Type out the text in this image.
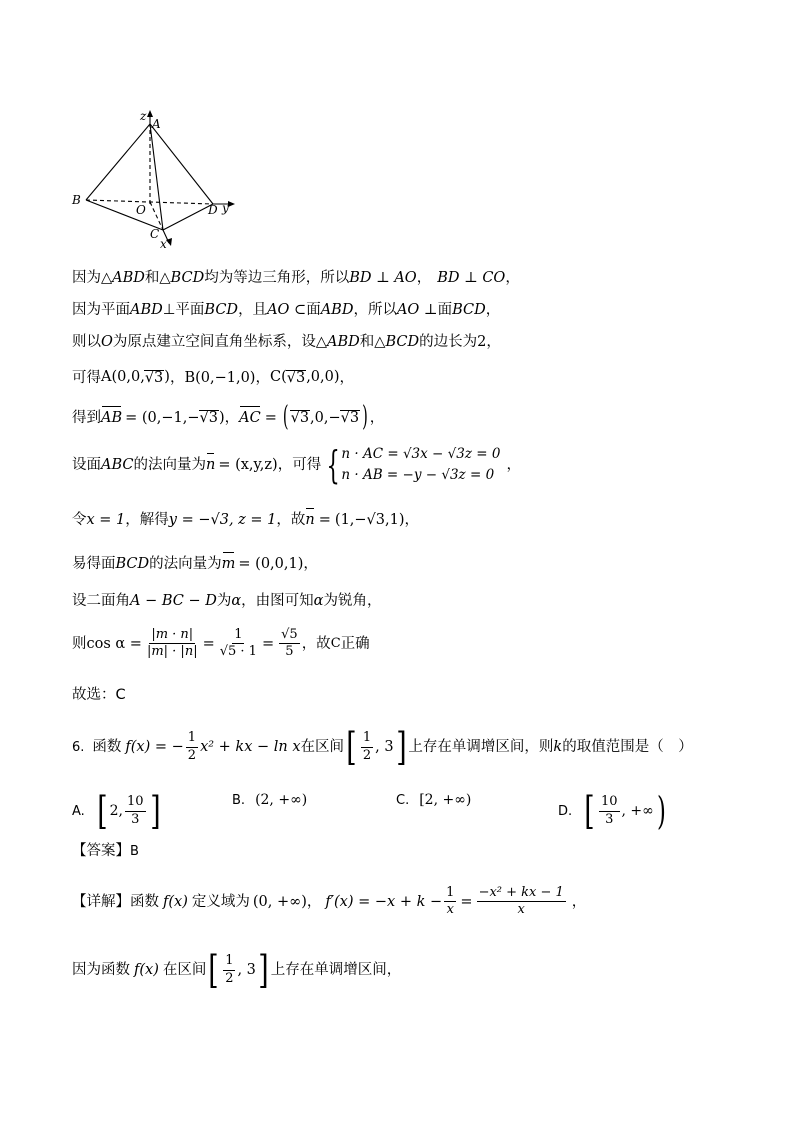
z
A
B
O	D y
C
x
因为 △ABD 和 △BCD 均为等边三角形，所以 BD ⊥ AO ， BD ⊥ CO ，
因为平面 ABD ⊥平面 BCD ，且 AO ⊂ 面 ABD ，所以 AO ⊥ 面 BCD ，
则以 O 为原点建立空间直角坐标系，设 △ABD 和 △BCD 的边长为 2 ，
可得 A(0,0, √3 ) ， B(0,−1,0) ， C( √3 ,0,0) ，
得到 AB = (0,−1,− √3 ) ， AC = ( √3 ,0,− √3 ) ，
设面 ABC 的法向量为 n = (x,y,z) ，可得 { n · AC = √3x − √3z = 0
n · AB = −y − √3z = 0
，
令 x = 1 ，解得 y = −√3, z = 1 ，故 n = (1,−√3,1) ，
易得面 BCD 的法向量为 m = (0,0,1) ，
设二面角 A − BC − D 为 α ，由图可知 α 为锐角，
则 $\cos \alpha = \frac{|m \cdot n|}{|m| \cdot |n|} = \frac{1}{√5 \cdot 1} = \frac{√5}{5}$ ，故 C 正确
故选：C
6. 函数 f(x) = − $\frac{1}{2} x^2$ + kx − ln x 在区间 [ $\frac{1}{2}$ , 3 ] 上存在单调增区间，则 k 的取值范围是（　）
A. [ 2, $\frac{10}{3}$ ]	B. (2, +∞)	C. [2, +∞)
D. [ $\frac{10}{3}$ , +∞ )
【答案】 B
【详解】 函数 f(x) 定义域为 (0, +∞) ， $f'(x) = -x + k - \frac{1}{x} = \frac{\text{−x² + kx − 1}}{x}$ ，
因为函数 f(x) 在区间 [ $\frac{1}{2}$ , 3 ] 上存在单调增区间，
